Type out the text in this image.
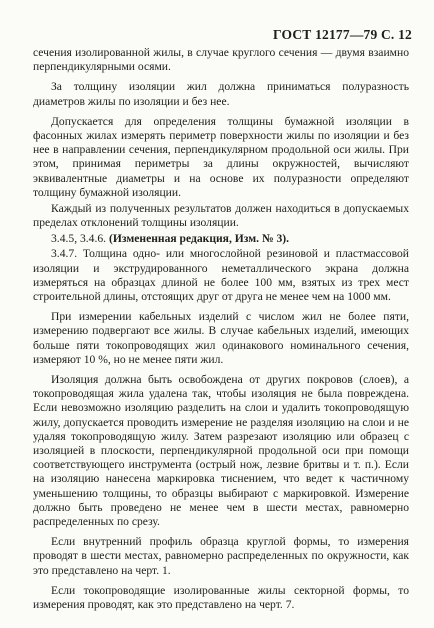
ГОСТ 12177—79 С. 12

сечения изолированной жилы, в случае круглого сечения — двумя взаимно перпендикулярными осями.

За толщину изоляции жил должна приниматься полуразность диаметров жилы по изоляции и без нее.

Допускается для определения толщины бумажной изоляции в фасонных жилах измерять периметр поверхности жилы по изоляции и без нее в направлении сечения, перпендикулярном продольной оси жилы. При этом, принимая периметры за длины окружностей, вычисляют эквивалентные диаметры и на основе их полуразности определяют толщину бумажной изоляции.

Каждый из полученных результатов должен находиться в допускаемых пределах отклонений толщины изоляции.

3.4.5, 3.4.6. (Измененная редакция, Изм. № 3).

3.4.7. Толщина одно- или многослойной резиновой и пластмассовой изоляции и экструдированного неметаллического экрана должна измеряться на образцах длиной не более 100 мм, взятых из трех мест строительной длины, отстоящих друг от друга не менее чем на 1000 мм.

При измерении кабельных изделий с числом жил не более пяти, измерению подвергают все жилы. В случае кабельных изделий, имеющих больше пяти токопроводящих жил одинакового номинального сечения, измеряют 10 %, но не менее пяти жил.

Изоляция должна быть освобождена от других покровов (слоев), а токопроводящая жила удалена так, чтобы изоляция не была повреждена. Если невозможно изоляцию разделить на слои и удалить токопроводящую жилу, допускается проводить измерение не разделяя изоляцию на слои и не удаляя токопроводящую жилу. Затем разрезают изоляцию или образец с изоляцией в плоскости, перпендикулярной продольной оси при помощи соответствующего инструмента (острый нож, лезвие бритвы и т. п.). Если на изоляцию нанесена маркировка тиснением, что ведет к частичному уменьшению толщины, то образцы выбирают с маркировкой. Измерение должно быть проведено не менее чем в шести местах, равномерно распределенных по срезу.

Если внутренний профиль образца круглой формы, то измерения проводят в шести местах, равномерно распределенных по окружности, как это представлено на черт. 1.

Если токопроводящие изолированные жилы секторной формы, то измерения проводят, как это представлено на черт. 7.
